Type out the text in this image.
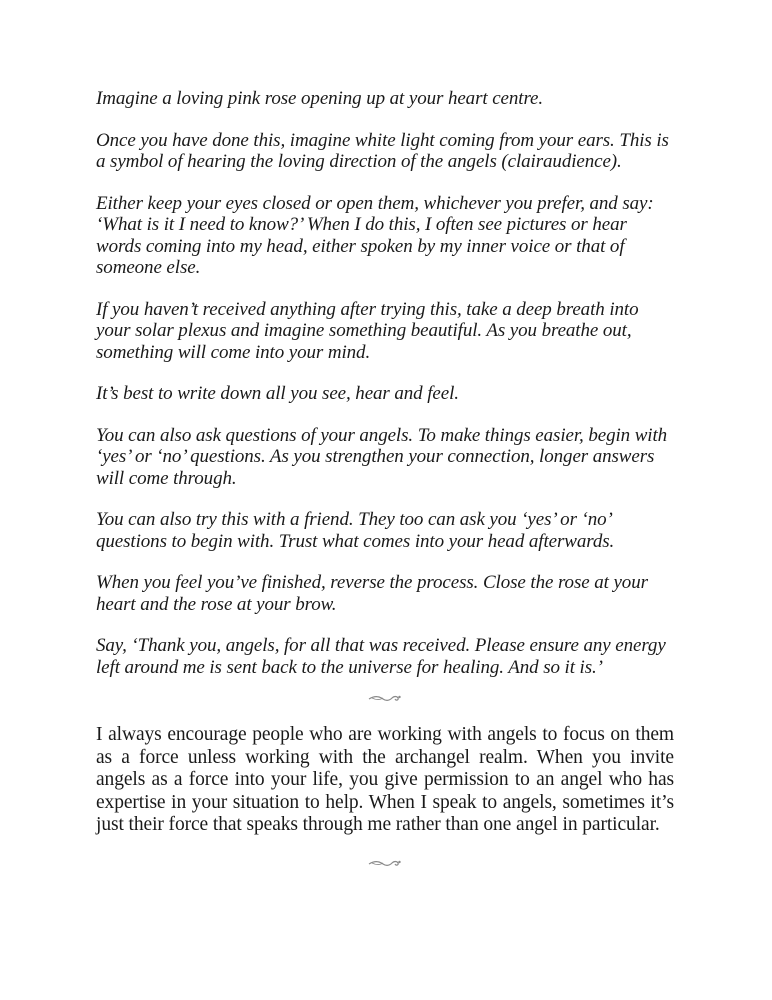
Imagine a loving pink rose opening up at your heart centre.

Once you have done this, imagine white light coming from your ears. This is a symbol of hearing the loving direction of the angels (clairaudience).

Either keep your eyes closed or open them, whichever you prefer, and say: ‘What is it I need to know?’ When I do this, I often see pictures or hear words coming into my head, either spoken by my inner voice or that of someone else.

If you haven’t received anything after trying this, take a deep breath into your solar plexus and imagine something beautiful. As you breathe out, something will come into your mind.

It’s best to write down all you see, hear and feel.

You can also ask questions of your angels. To make things easier, begin with ‘yes’ or ‘no’ questions. As you strengthen your connection, longer answers will come through.

You can also try this with a friend. They too can ask you ‘yes’ or ‘no’ questions to begin with. Trust what comes into your head afterwards.

When you feel you’ve finished, reverse the process. Close the rose at your heart and the rose at your brow.

Say, ‘Thank you, angels, for all that was received. Please ensure any energy left around me is sent back to the universe for healing. And so it is.’

I always encourage people who are working with angels to focus on them as a force unless working with the archangel realm. When you invite angels as a force into your life, you give permission to an angel who has expertise in your situation to help. When I speak to angels, sometimes it’s just their force that speaks through me rather than one angel in particular.
